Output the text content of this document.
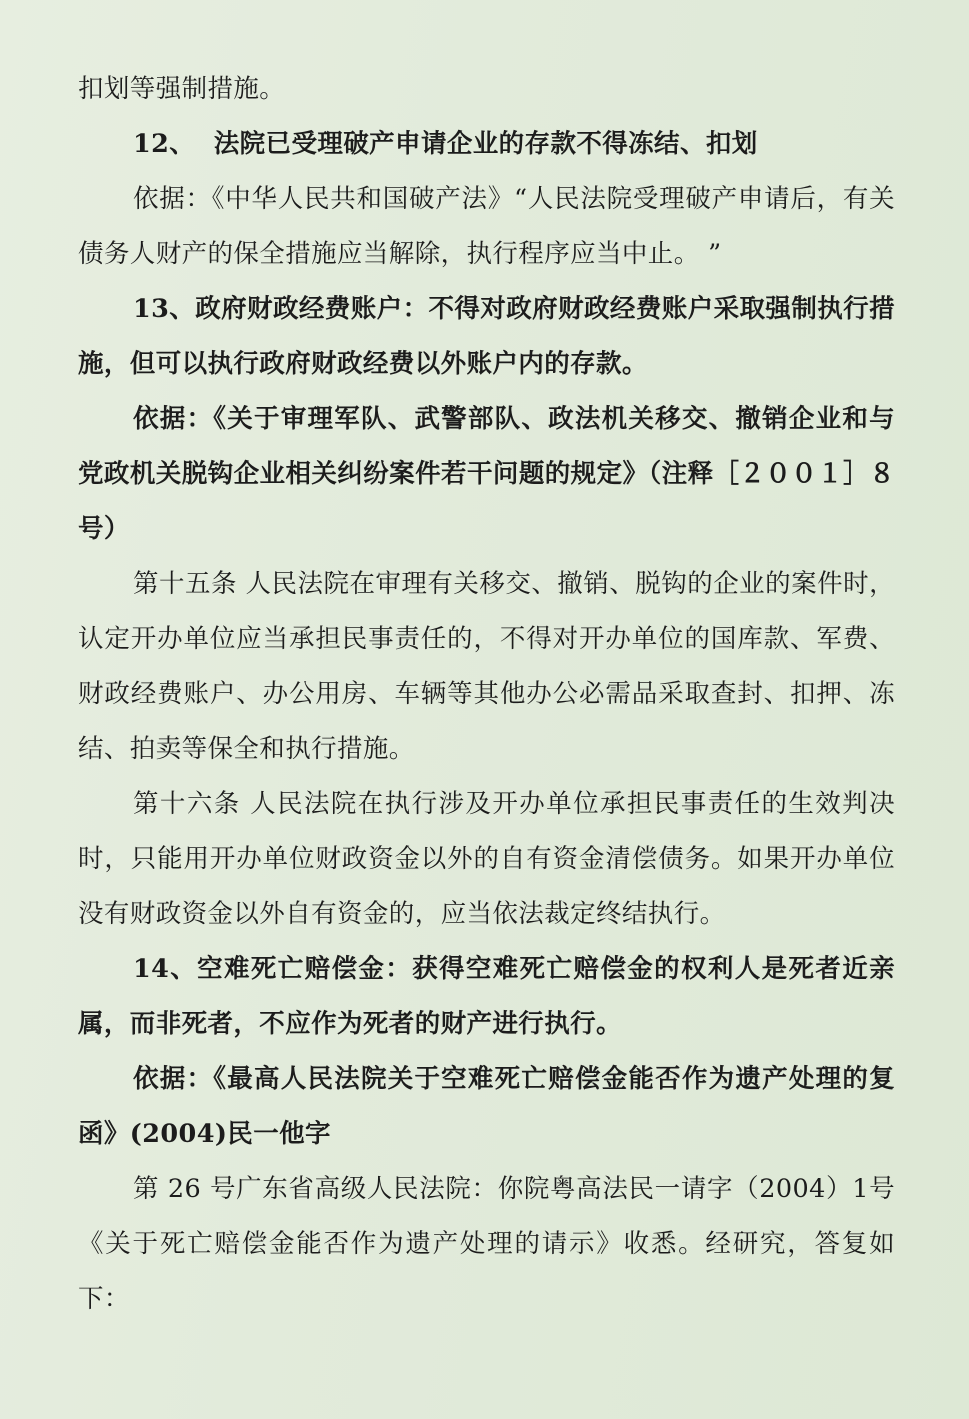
扣划等强制措施。

12、  法院已受理破产申请企业的存款不得冻结、扣划

依据：《中华人民共和国破产法》“人民法院受理破产申请后，有关债务人财产的保全措施应当解除，执行程序应当中止。 ”

13、政府财政经费账户：不得对政府财政经费账户采取强制执行措施，但可以执行政府财政经费以外账户内的存款。

依据：《关于审理军队、武警部队、政法机关移交、撤销企业和与党政机关脱钩企业相关纠纷案件若干问题的规定》（注释［２００１］８号）

第十五条 人民法院在审理有关移交、撤销、脱钩的企业的案件时，认定开办单位应当承担民事责任的，不得对开办单位的国库款、军费、财政经费账户、办公用房、车辆等其他办公必需品采取查封、扣押、冻结、拍卖等保全和执行措施。

第十六条 人民法院在执行涉及开办单位承担民事责任的生效判决时，只能用开办单位财政资金以外的自有资金清偿债务。如果开办单位没有财政资金以外自有资金的，应当依法裁定终结执行。

14、空难死亡赔偿金：获得空难死亡赔偿金的权利人是死者近亲属，而非死者，不应作为死者的财产进行执行。

依据：《最高人民法院关于空难死亡赔偿金能否作为遗产处理的复函》(2004)民一他字

第 26 号广东省高级人民法院：你院粤高法民一请字（2004）1号《关于死亡赔偿金能否作为遗产处理的请示》收悉。经研究，答复如下：
